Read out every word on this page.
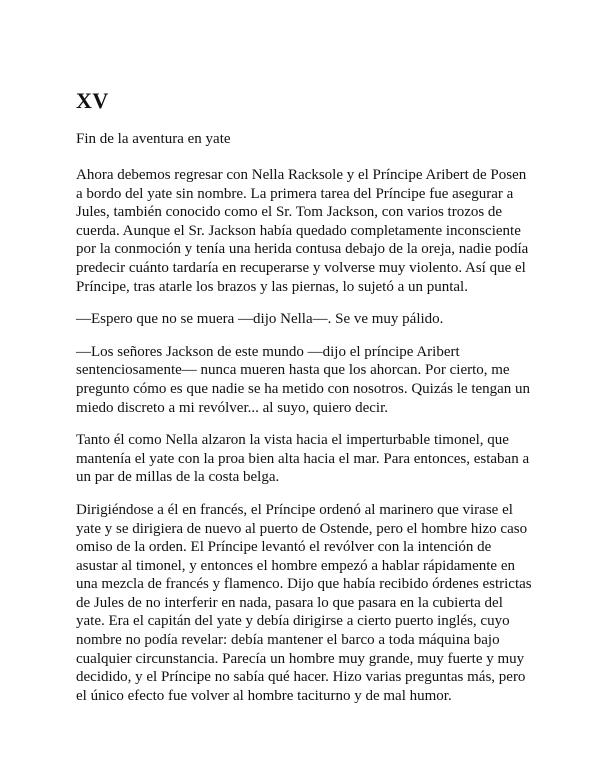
XV

Fin de la aventura en yate

Ahora debemos regresar con Nella Racksole y el Príncipe Aribert de Posen a bordo del yate sin nombre. La primera tarea del Príncipe fue asegurar a Jules, también conocido como el Sr. Tom Jackson, con varios trozos de cuerda. Aunque el Sr. Jackson había quedado completamente inconsciente por la conmoción y tenía una herida contusa debajo de la oreja, nadie podía predecir cuánto tardaría en recuperarse y volverse muy violento. Así que el Príncipe, tras atarle los brazos y las piernas, lo sujetó a un puntal.

—Espero que no se muera —dijo Nella—. Se ve muy pálido.

—Los señores Jackson de este mundo —dijo el príncipe Aribert sentenciosamente— nunca mueren hasta que los ahorcan. Por cierto, me pregunto cómo es que nadie se ha metido con nosotros. Quizás le tengan un miedo discreto a mi revólver... al suyo, quiero decir.

Tanto él como Nella alzaron la vista hacia el imperturbable timonel, que mantenía el yate con la proa bien alta hacia el mar. Para entonces, estaban a un par de millas de la costa belga.

Dirigiéndose a él en francés, el Príncipe ordenó al marinero que virase el yate y se dirigiera de nuevo al puerto de Ostende, pero el hombre hizo caso omiso de la orden. El Príncipe levantó el revólver con la intención de asustar al timonel, y entonces el hombre empezó a hablar rápidamente en una mezcla de francés y flamenco. Dijo que había recibido órdenes estrictas de Jules de no interferir en nada, pasara lo que pasara en la cubierta del yate. Era el capitán del yate y debía dirigirse a cierto puerto inglés, cuyo nombre no podía revelar: debía mantener el barco a toda máquina bajo cualquier circunstancia. Parecía un hombre muy grande, muy fuerte y muy decidido, y el Príncipe no sabía qué hacer. Hizo varias preguntas más, pero el único efecto fue volver al hombre taciturno y de mal humor.
